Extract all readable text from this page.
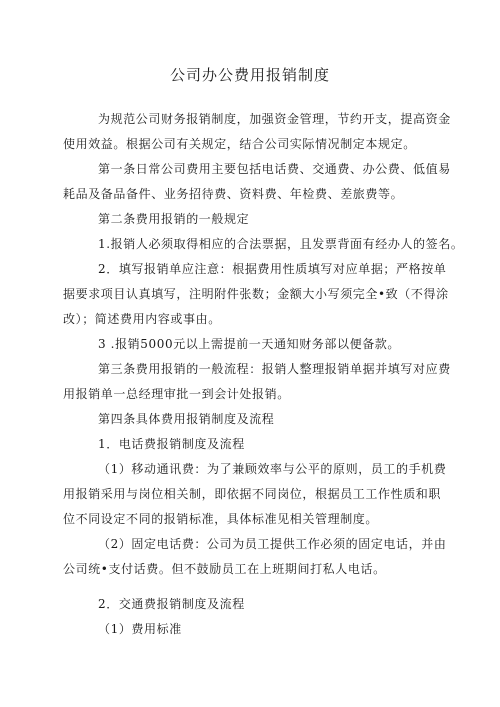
公司办公费用报销制度
为规范公司财务报销制度，加强资金管理，节约开支，提高资金
使用效益。根据公司有关规定，结合公司实际情况制定本规定。
第一条日常公司费用主要包括电话费、交通费、办公费、低值易
耗品及备品备件、业务招待费、资料费、年检费、差旅费等。
第二条费用报销的一般规定
1.报销人必须取得相应的合法票据，且发票背面有经办人的签名。
2．填写报销单应注意：根据费用性质填写对应单据；严格按单
据要求项目认真填写，注明附件张数；金额大小写须完全•致（不得涂
改）；简述费用内容或事由。
3 .报销5000元以上需提前一天通知财务部以便备款。
第三条费用报销的一般流程：报销人整理报销单据并填写对应费
用报销单一总经理审批一到会计处报销。
第四条具体费用报销制度及流程
1．电话费报销制度及流程
（1）移动通讯费：为了兼顾效率与公平的原则，员工的手机费
用报销采用与岗位相关制，即依据不同岗位，根据员工工作性质和职
位不同设定不同的报销标准，具体标准见相关管理制度。
（2）固定电话费：公司为员工提供工作必须的固定电话，并由
公司统•支付话费。但不鼓励员工在上班期间打私人电话。
2．交通费报销制度及流程
（1）费用标准
